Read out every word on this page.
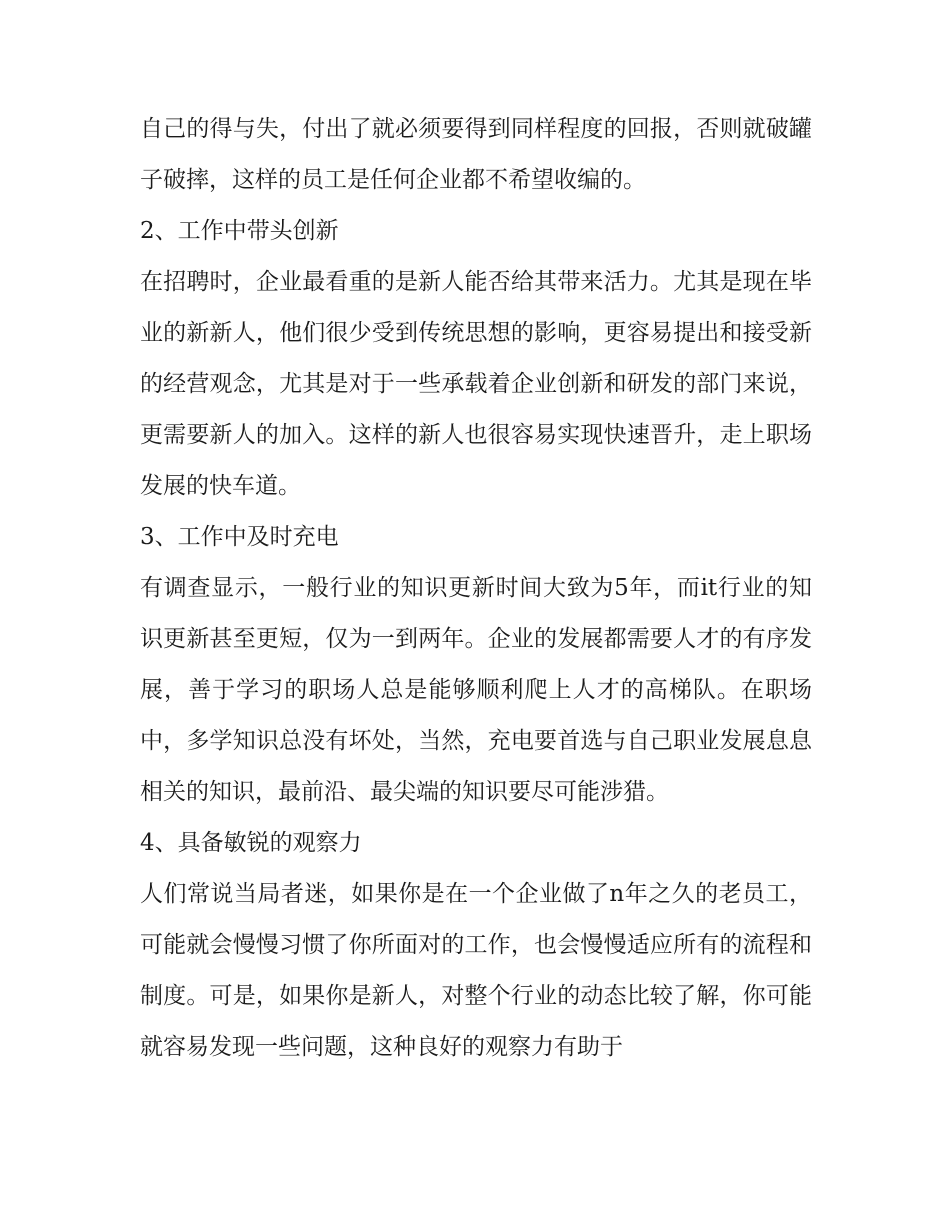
自己的得与失，付出了就必须要得到同样程度的回报，否则就破罐子破摔，这样的员工是任何企业都不希望收编的。

2、工作中带头创新

在招聘时，企业最看重的是新人能否给其带来活力。尤其是现在毕业的新新人，他们很少受到传统思想的影响，更容易提出和接受新的经营观念，尤其是对于一些承载着企业创新和研发的部门来说，更需要新人的加入。这样的新人也很容易实现快速晋升，走上职场发展的快车道。

3、工作中及时充电

有调查显示，一般行业的知识更新时间大致为5年，而it行业的知识更新甚至更短，仅为一到两年。企业的发展都需要人才的有序发展，善于学习的职场人总是能够顺利爬上人才的高梯队。在职场中，多学知识总没有坏处，当然，充电要首选与自己职业发展息息相关的知识，最前沿、最尖端的知识要尽可能涉猎。

4、具备敏锐的观察力

人们常说当局者迷，如果你是在一个企业做了n年之久的老员工，可能就会慢慢习惯了你所面对的工作，也会慢慢适应所有的流程和制度。可是，如果你是新人，对整个行业的动态比较了解，你可能就容易发现一些问题，这种良好的观察力有助于
